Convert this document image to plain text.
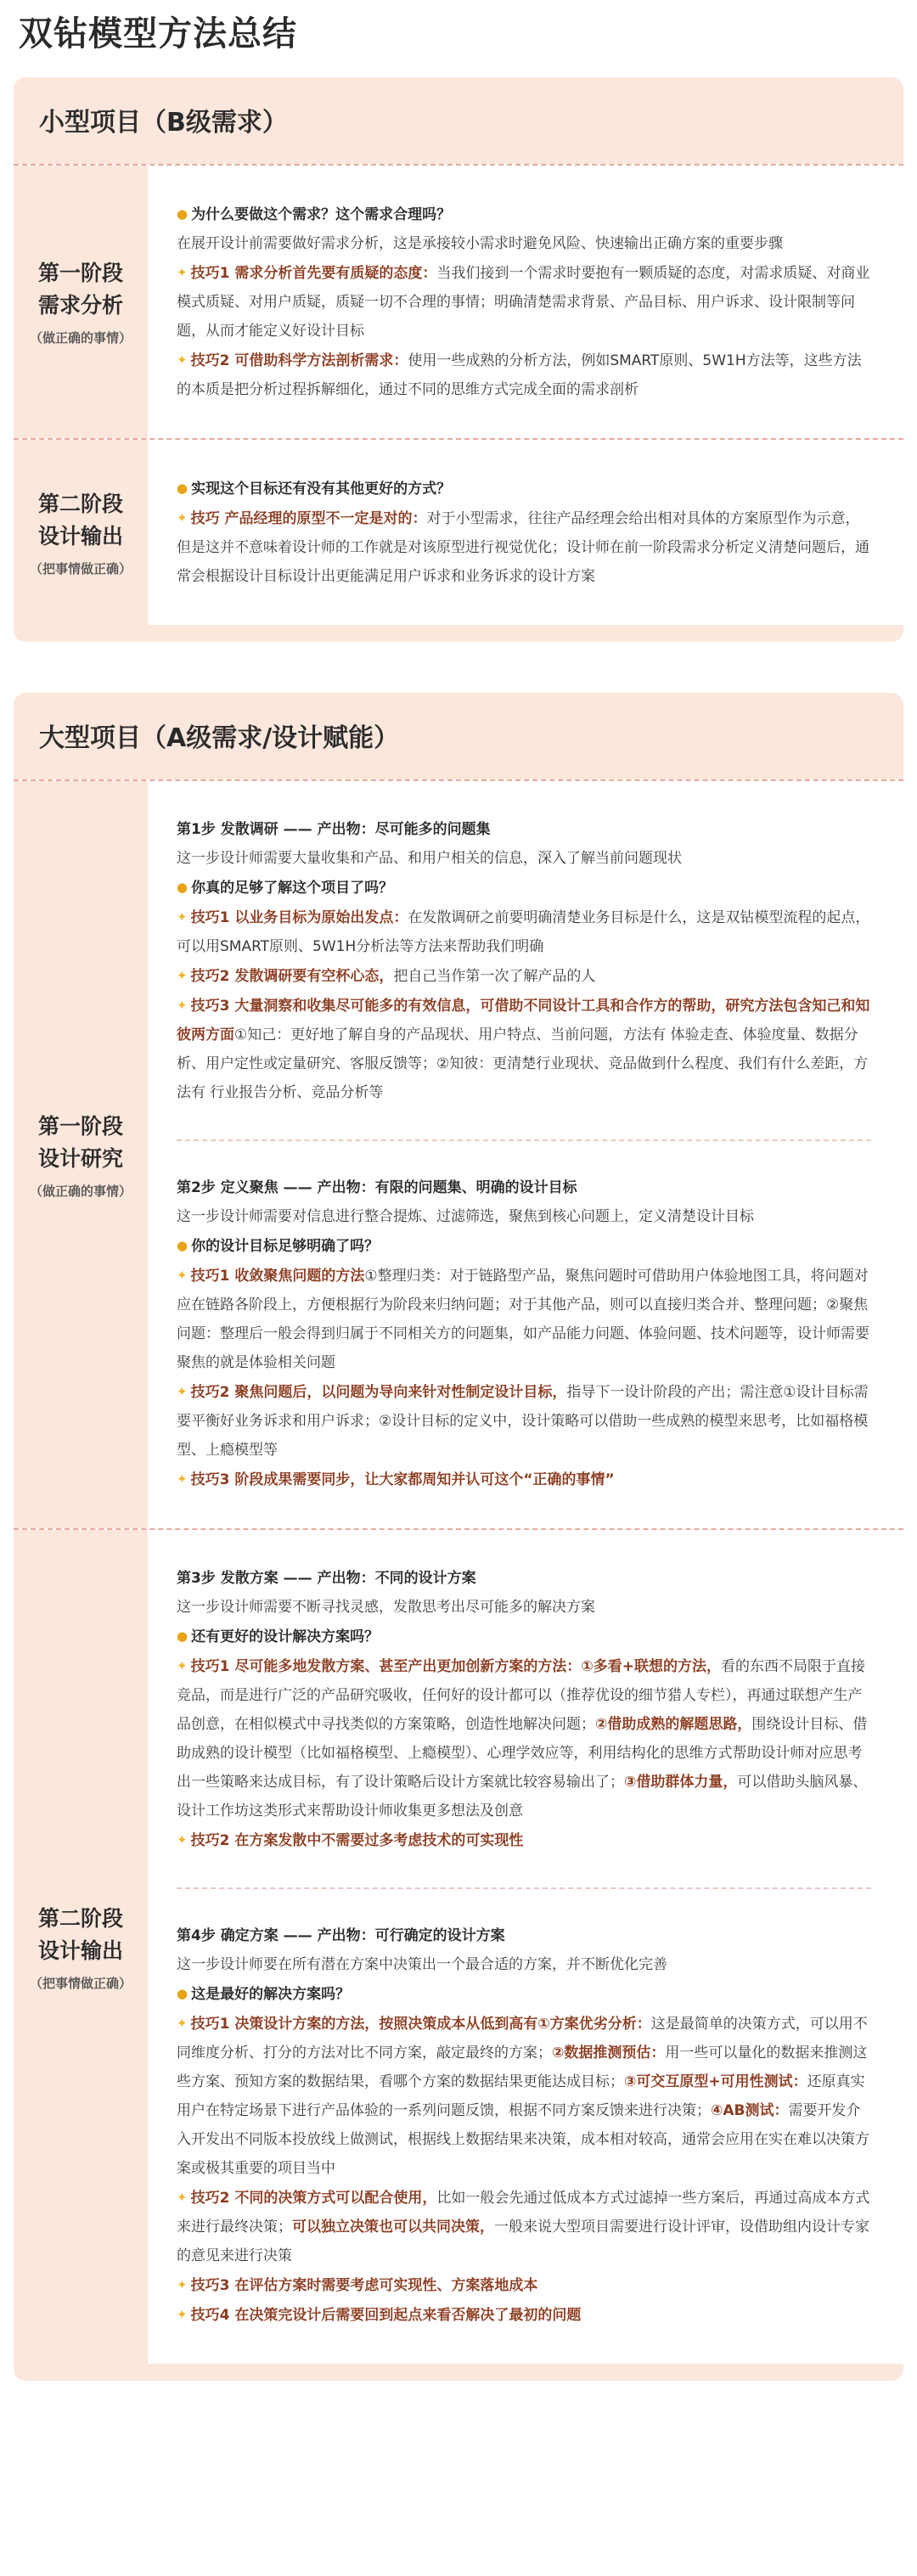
双钻模型方法总结
小型项目（B级需求）
第一阶段
需求分析
（做正确的事情）
● 为什么要做这个需求？这个需求合理吗？
在展开设计前需要做好需求分析，这是承接较小需求时避免风险、快速输出正确方案的重要步骤
✦ 技巧1 需求分析首先要有质疑的态度：当我们接到一个需求时要抱有一颗质疑的态度，对需求质疑、对商业模式质疑、对用户质疑，质疑一切不合理的事情；明确清楚需求背景、产品目标、用户诉求、设计限制等问题，从而才能定义好设计目标
✦ 技巧2 可借助科学方法剖析需求：使用一些成熟的分析方法，例如SMART原则、5W1H方法等，这些方法的本质是把分析过程拆解细化，通过不同的思维方式完成全面的需求剖析
第二阶段
设计输出
（把事情做正确）
● 实现这个目标还有没有其他更好的方式？
✦ 技巧 产品经理的原型不一定是对的：对于小型需求，往往产品经理会给出相对具体的方案原型作为示意，但是这并不意味着设计师的工作就是对该原型进行视觉优化；设计师在前一阶段需求分析定义清楚问题后，通常会根据设计目标设计出更能满足用户诉求和业务诉求的设计方案
大型项目（A级需求/设计赋能）
第一阶段
设计研究
（做正确的事情）
第1步 发散调研 —— 产出物：尽可能多的问题集
这一步设计师需要大量收集和产品、和用户相关的信息，深入了解当前问题现状
● 你真的足够了解这个项目了吗？
✦ 技巧1 以业务目标为原始出发点：在发散调研之前要明确清楚业务目标是什么，这是双钻模型流程的起点，可以用SMART原则、5W1H分析法等方法来帮助我们明确
✦ 技巧2 发散调研要有空杯心态，把自己当作第一次了解产品的人
✦ 技巧3 大量洞察和收集尽可能多的有效信息，可借助不同设计工具和合作方的帮助，研究方法包含知己和知彼两方面①知己：更好地了解自身的产品现状、用户特点、当前问题，方法有 体验走查、体验度量、数据分析、用户定性或定量研究、客服反馈等；②知彼：更清楚行业现状、竞品做到什么程度、我们有什么差距，方法有 行业报告分析、竞品分析等
第2步 定义聚焦 —— 产出物：有限的问题集、明确的设计目标
这一步设计师需要对信息进行整合提炼、过滤筛选，聚焦到核心问题上，定义清楚设计目标
● 你的设计目标足够明确了吗？
✦ 技巧1 收敛聚焦问题的方法①整理归类：对于链路型产品，聚焦问题时可借助用户体验地图工具，将问题对应在链路各阶段上，方便根据行为阶段来归纳问题；对于其他产品，则可以直接归类合并、整理问题；②聚焦问题：整理后一般会得到归属于不同相关方的问题集，如产品能力问题、体验问题、技术问题等，设计师需要聚焦的就是体验相关问题
✦ 技巧2 聚焦问题后，以问题为导向来针对性制定设计目标，指导下一设计阶段的产出；需注意①设计目标需要平衡好业务诉求和用户诉求；②设计目标的定义中，设计策略可以借助一些成熟的模型来思考，比如福格模型、上瘾模型等
✦ 技巧3 阶段成果需要同步，让大家都周知并认可这个“正确的事情”
第二阶段
设计输出
（把事情做正确）
第3步 发散方案 —— 产出物：不同的设计方案
这一步设计师需要不断寻找灵感，发散思考出尽可能多的解决方案
● 还有更好的设计解决方案吗？
✦ 技巧1 尽可能多地发散方案、甚至产出更加创新方案的方法：①多看+联想的方法，看的东西不局限于直接竞品，而是进行广泛的产品研究吸收，任何好的设计都可以（推荐优设的细节猎人专栏），再通过联想产生产品创意，在相似模式中寻找类似的方案策略，创造性地解决问题；②借助成熟的解题思路，围绕设计目标、借助成熟的设计模型（比如福格模型、上瘾模型）、心理学效应等，利用结构化的思维方式帮助设计师对应思考出一些策略来达成目标，有了设计策略后设计方案就比较容易输出了；③借助群体力量，可以借助头脑风暴、设计工作坊这类形式来帮助设计师收集更多想法及创意
✦ 技巧2 在方案发散中不需要过多考虑技术的可实现性
第4步 确定方案 —— 产出物：可行确定的设计方案
这一步设计师要在所有潜在方案中决策出一个最合适的方案，并不断优化完善
● 这是最好的解决方案吗？
✦ 技巧1 决策设计方案的方法，按照决策成本从低到高有①方案优劣分析：这是最简单的决策方式，可以用不同维度分析、打分的方法对比不同方案，敲定最终的方案；②数据推测预估：用一些可以量化的数据来推测这些方案、预知方案的数据结果，看哪个方案的数据结果更能达成目标；③可交互原型+可用性测试：还原真实用户在特定场景下进行产品体验的一系列问题反馈，根据不同方案反馈来进行决策；④AB测试：需要开发介入开发出不同版本投放线上做测试，根据线上数据结果来决策，成本相对较高，通常会应用在实在难以决策方案或极其重要的项目当中
✦ 技巧2 不同的决策方式可以配合使用，比如一般会先通过低成本方式过滤掉一些方案后，再通过高成本方式来进行最终决策；可以独立决策也可以共同决策，一般来说大型项目需要进行设计评审，设借助组内设计专家的意见来进行决策
✦ 技巧3 在评估方案时需要考虑可实现性、方案落地成本
✦ 技巧4 在决策完设计后需要回到起点来看否解决了最初的问题
